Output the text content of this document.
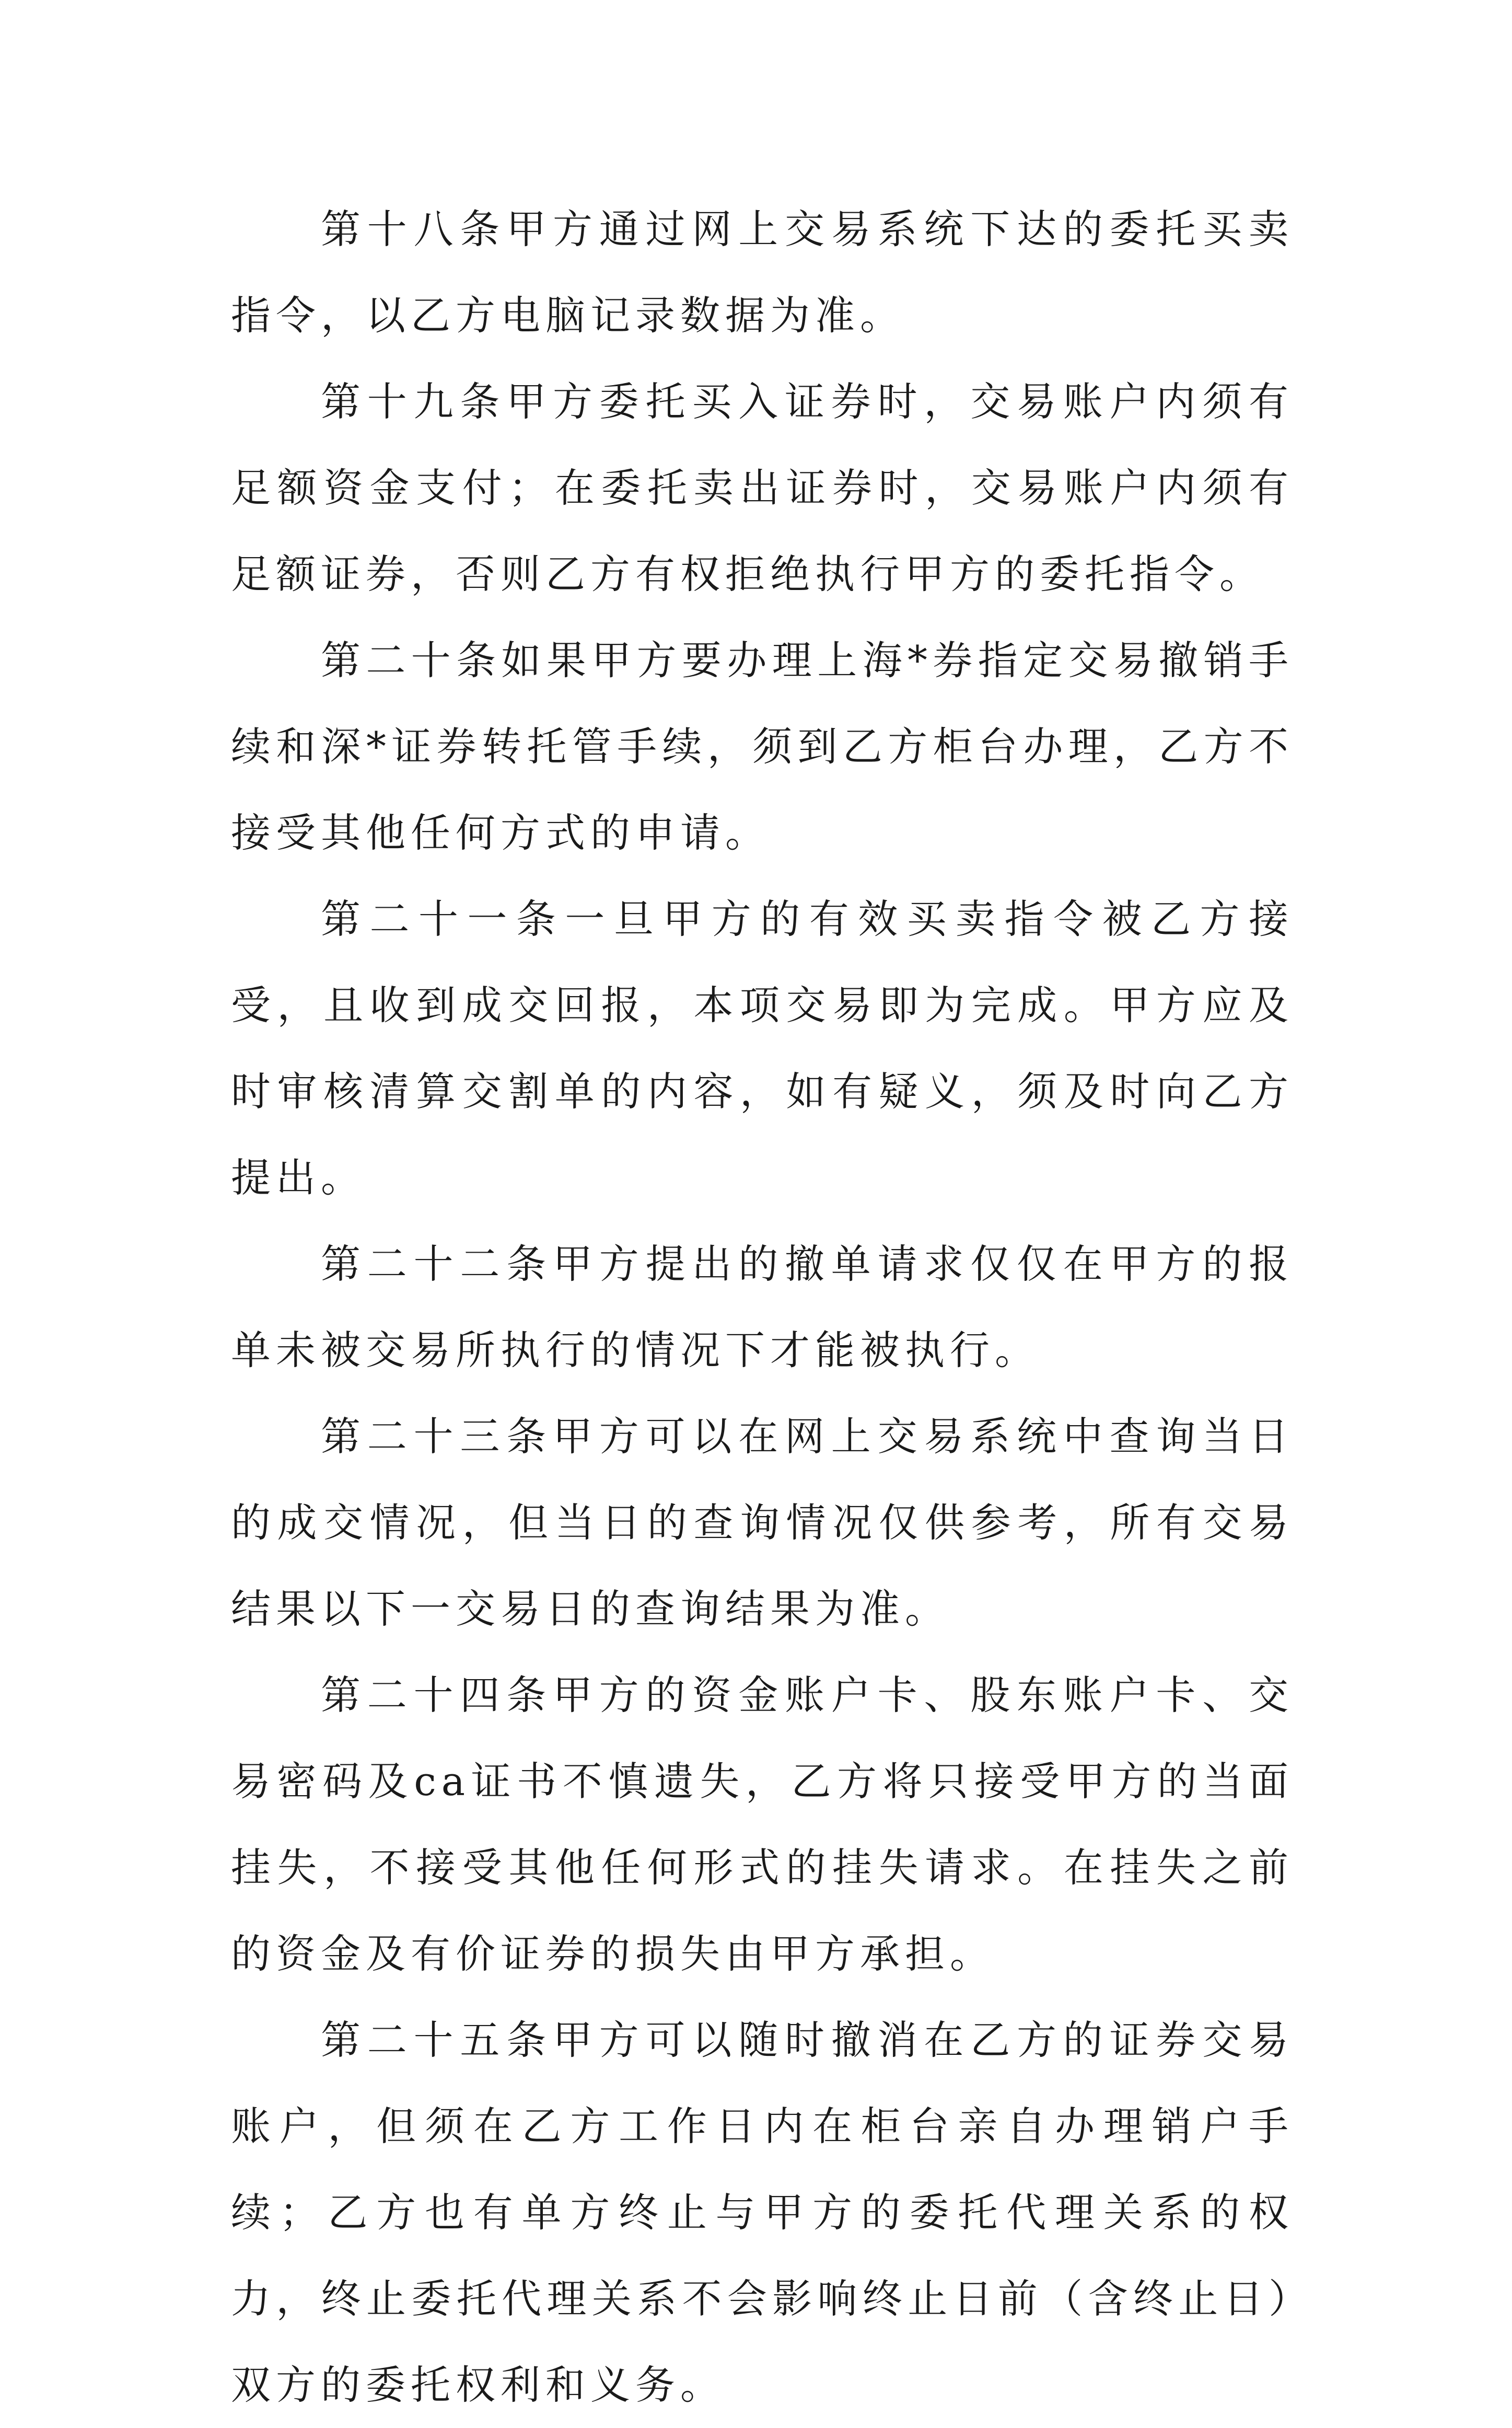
第十八条甲方通过网上交易系统下达的委托买卖指令，以乙方电脑记录数据为准。

第十九条甲方委托买入证券时，交易账户内须有足额资金支付；在委托卖出证券时，交易账户内须有足额证券，否则乙方有权拒绝执行甲方的委托指令。

第二十条如果甲方要办理上海*券指定交易撤销手续和深*证券转托管手续，须到乙方柜台办理，乙方不接受其他任何方式的申请。

第二十一条一旦甲方的有效买卖指令被乙方接受，且收到成交回报，本项交易即为完成。甲方应及时审核清算交割单的内容，如有疑义，须及时向乙方提出。

第二十二条甲方提出的撤单请求仅仅在甲方的报单未被交易所执行的情况下才能被执行。

第二十三条甲方可以在网上交易系统中查询当日的成交情况，但当日的查询情况仅供参考，所有交易结果以下一交易日的查询结果为准。

第二十四条甲方的资金账户卡、股东账户卡、交易密码及ca证书不慎遗失，乙方将只接受甲方的当面挂失，不接受其他任何形式的挂失请求。在挂失之前的资金及有价证券的损失由甲方承担。

第二十五条甲方可以随时撤消在乙方的证券交易账户，但须在乙方工作日内在柜台亲自办理销户手续；乙方也有单方终止与甲方的委托代理关系的权力，终止委托代理关系不会影响终止日前（含终止日）双方的委托权利和义务。
